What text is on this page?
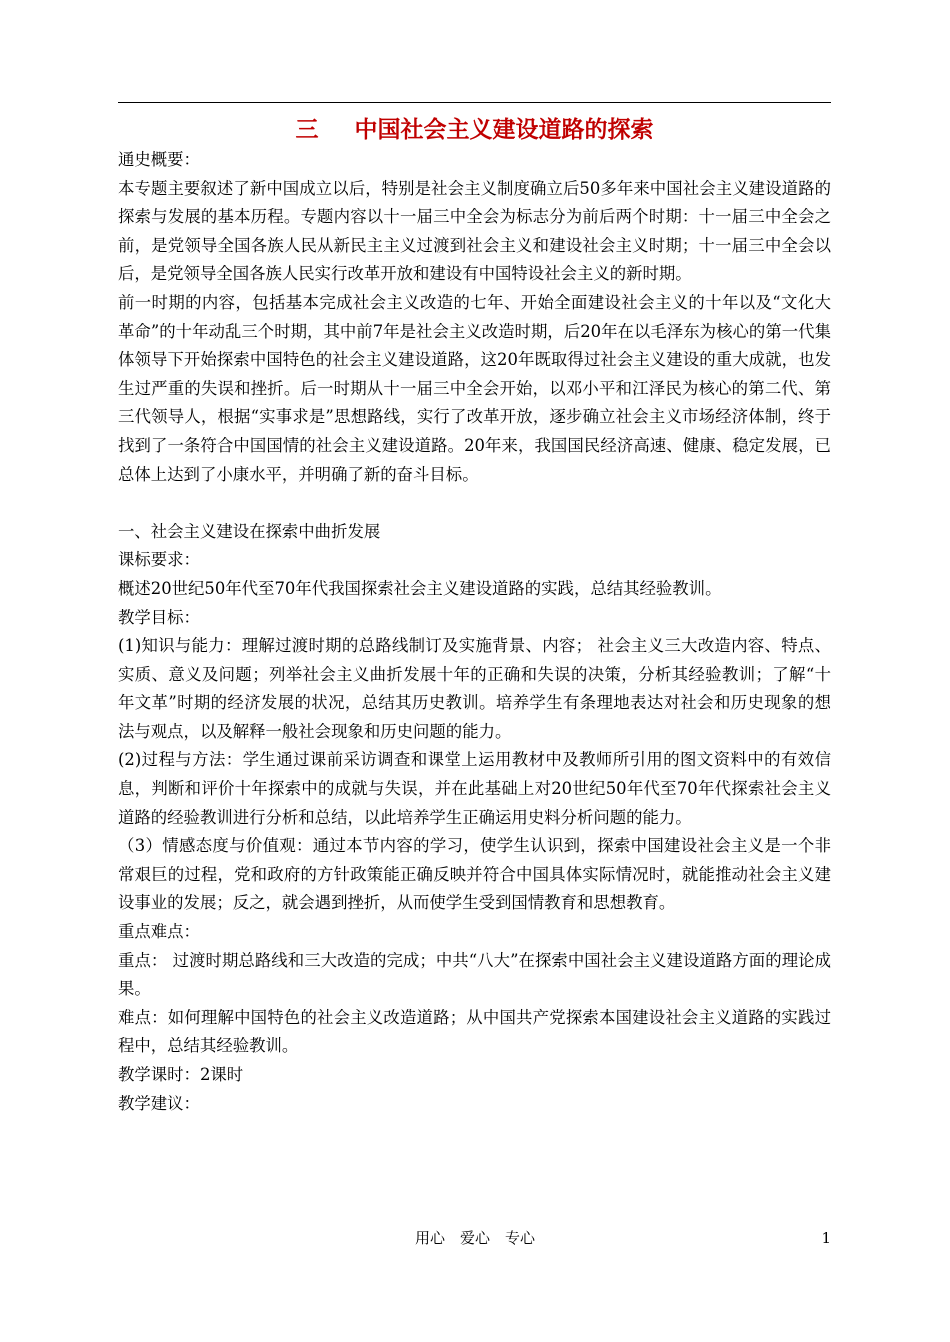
三 中国社会主义建设道路的探索

通史概要：

本专题主要叙述了新中国成立以后，特别是社会主义制度确立后50多年来中国社会主义建设道路的探索与发展的基本历程。专题内容以十一届三中全会为标志分为前后两个时期：十一届三中全会之前，是党领导全国各族人民从新民主主义过渡到社会主义和建设社会主义时期；十一届三中全会以后，是党领导全国各族人民实行改革开放和建设有中国特设社会主义的新时期。

前一时期的内容，包括基本完成社会主义改造的七年、开始全面建设社会主义的十年以及“文化大革命”的十年动乱三个时期，其中前7年是社会主义改造时期，后20年在以毛泽东为核心的第一代集体领导下开始探索中国特色的社会主义建设道路，这20年既取得过社会主义建设的重大成就，也发生过严重的失误和挫折。后一时期从十一届三中全会开始，以邓小平和江泽民为核心的第二代、第三代领导人，根据“实事求是”思想路线，实行了改革开放，逐步确立社会主义市场经济体制，终于找到了一条符合中国国情的社会主义建设道路。20年来，我国国民经济高速、健康、稳定发展，已总体上达到了小康水平，并明确了新的奋斗目标。

一、社会主义建设在探索中曲折发展

课标要求：

概述20世纪50年代至70年代我国探索社会主义建设道路的实践，总结其经验教训。

教学目标：

(1)知识与能力：理解过渡时期的总路线制订及实施背景、内容； 社会主义三大改造内容、特点、实质、意义及问题；列举社会主义曲折发展十年的正确和失误的决策，分析其经验教训；了解“十年文革”时期的经济发展的状况，总结其历史教训。培养学生有条理地表达对社会和历史现象的想法与观点，以及解释一般社会现象和历史问题的能力。

(2)过程与方法：学生通过课前采访调查和课堂上运用教材中及教师所引用的图文资料中的有效信息，判断和评价十年探索中的成就与失误，并在此基础上对20世纪50年代至70年代探索社会主义道路的经验教训进行分析和总结，以此培养学生正确运用史料分析问题的能力。

（3）情感态度与价值观：通过本节内容的学习，使学生认识到，探索中国建设社会主义是一个非常艰巨的过程，党和政府的方针政策能正确反映并符合中国具体实际情况时，就能推动社会主义建设事业的发展；反之，就会遇到挫折，从而使学生受到国情教育和思想教育。

重点难点：

重点： 过渡时期总路线和三大改造的完成；中共“八大”在探索中国社会主义建设道路方面的理论成果。

难点：如何理解中国特色的社会主义改造道路；从中国共产党探索本国建设社会主义道路的实践过程中，总结其经验教训。

教学课时：2课时

教学建议：

用心　爱心　专心	1
